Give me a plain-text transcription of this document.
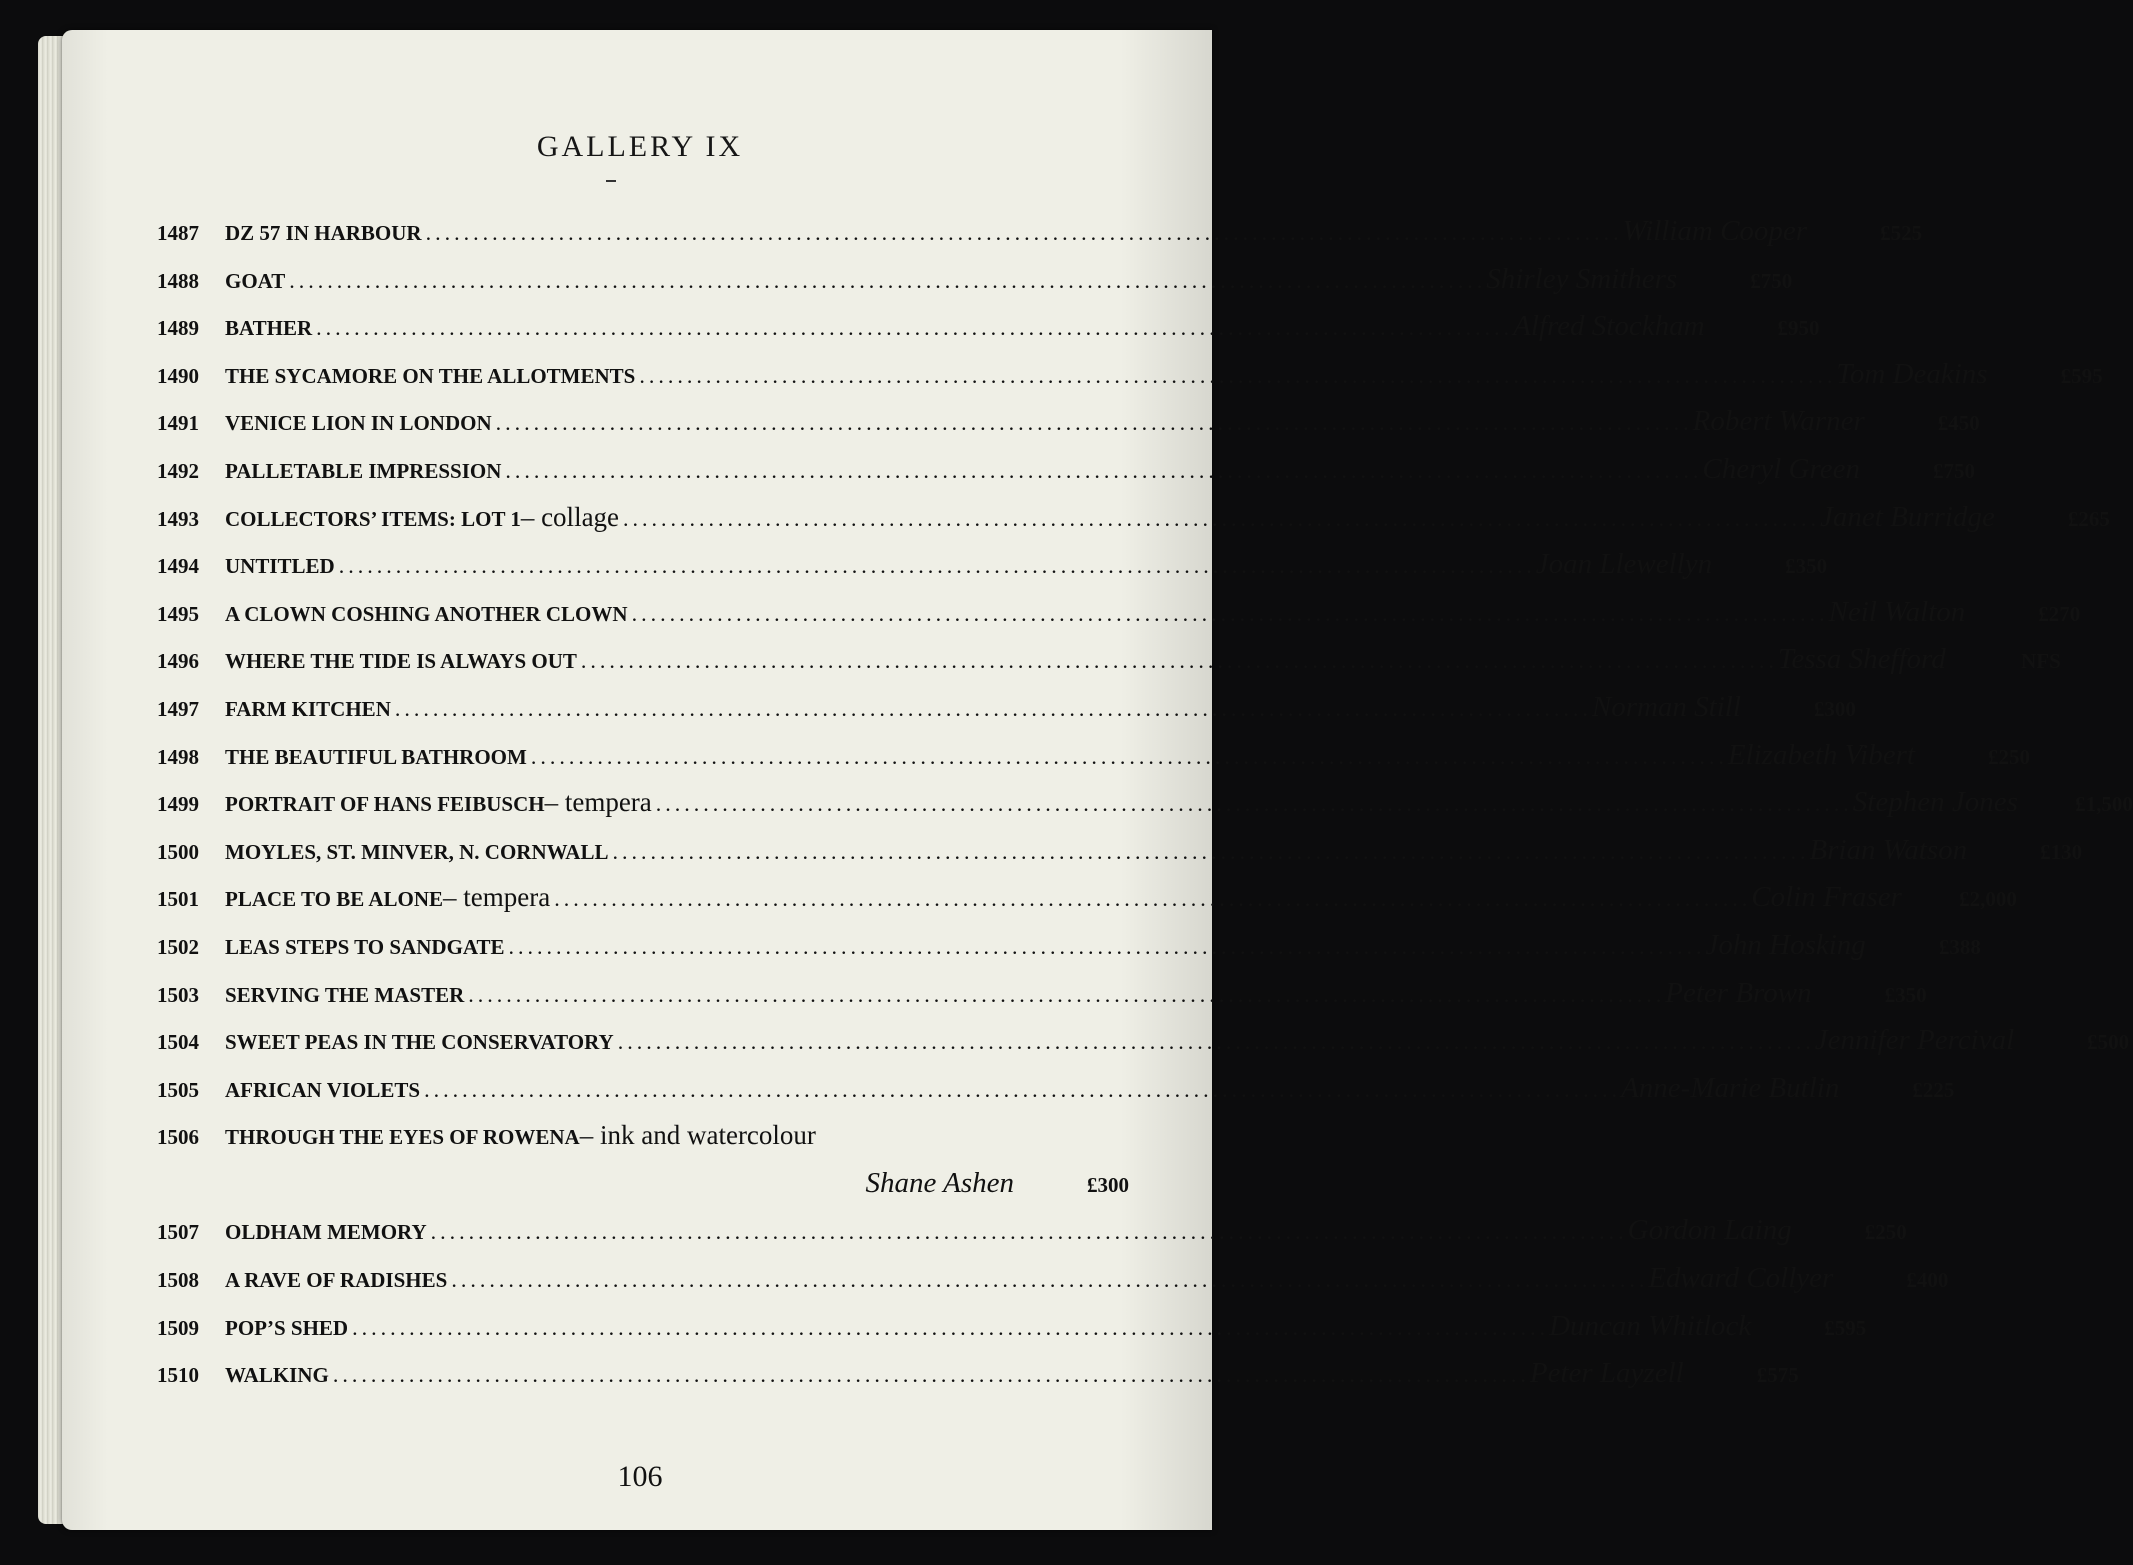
GALLERY IX
1487	DZ 57 IN HARBOUR .............................................................................................................................. William Cooper	£525
1488	GOAT .............................................................................................................................. Shirley Smithers	£750
1489	BATHER .............................................................................................................................. Alfred Stockham	£950
1490	THE SYCAMORE ON THE ALLOTMENTS .............................................................................................................................. Tom Deakins	£595
1491	VENICE LION IN LONDON .............................................................................................................................. Robert Warner	£450
1492	PALLETABLE IMPRESSION .............................................................................................................................. Cheryl Green	£750
1493	COLLECTORS’ ITEMS: LOT 1 – collage .............................................................................................................................. Janet Burridge	£265
1494	UNTITLED .............................................................................................................................. Joan Llewellyn	£350
1495	A CLOWN COSHING ANOTHER CLOWN .............................................................................................................................. Neil Walton	£270
1496	WHERE THE TIDE IS ALWAYS OUT .............................................................................................................................. Tessa Shefford	NFS
1497	FARM KITCHEN .............................................................................................................................. Norman Still	£300
1498	THE BEAUTIFUL BATHROOM .............................................................................................................................. Elizabeth Vibert	£250
1499	PORTRAIT OF HANS FEIBUSCH – tempera .............................................................................................................................. Stephen Jones	£1,500
1500	MOYLES, ST. MINVER, N. CORNWALL .............................................................................................................................. Brian Watson	£130
1501	PLACE TO BE ALONE – tempera .............................................................................................................................. Colin Fraser	£2,000
1502	LEAS STEPS TO SANDGATE .............................................................................................................................. John Hosking	£388
1503	SERVING THE MASTER .............................................................................................................................. Peter Brown	£350
1504	SWEET PEAS IN THE CONSERVATORY .............................................................................................................................. Jennifer Percival	£500
1505	AFRICAN VIOLETS .............................................................................................................................. Anne-Marie Butlin	£225
1506	THROUGH THE EYES OF ROWENA – ink and watercolour
Shane Ashen	£300
1507	OLDHAM MEMORY .............................................................................................................................. Gordon Laing	£250
1508	A RAVE OF RADISHES .............................................................................................................................. Edward Collyer	£400
1509	POP’S SHED .............................................................................................................................. Duncan Whitlock	£595
1510	WALKING .............................................................................................................................. Peter Layzell	£575
106
